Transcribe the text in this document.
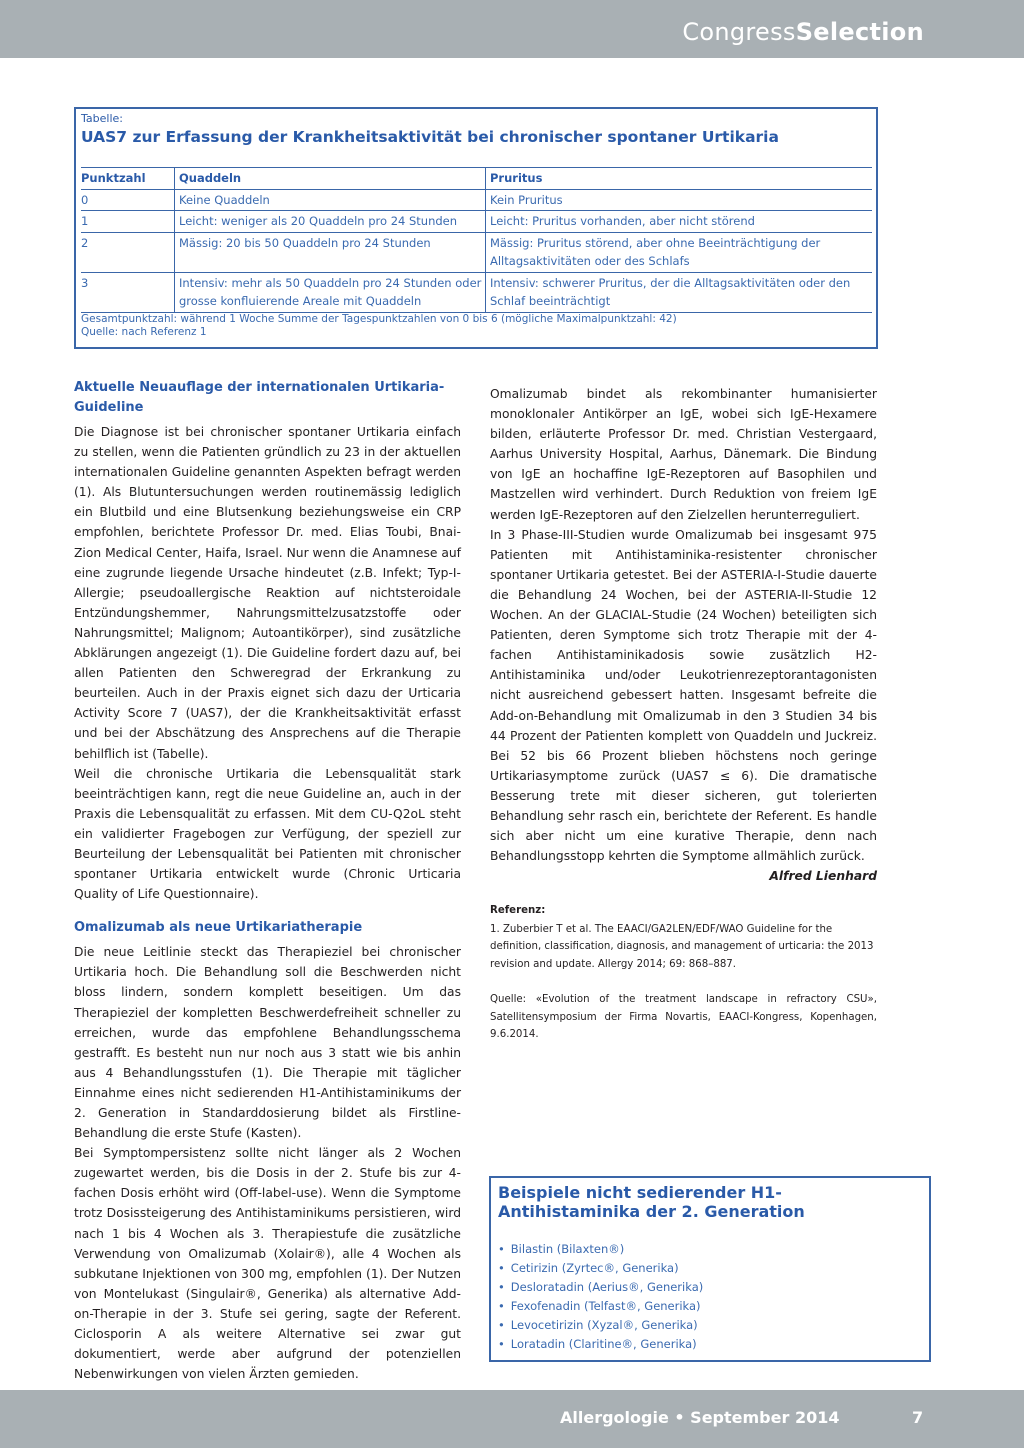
CongressSelection
Tabelle:
UAS7 zur Erfassung der Krankheitsaktivität bei chronischer spontaner Urtikaria
Punktzahl	Quaddeln	Pruritus
0	Keine Quaddeln	Kein Pruritus
1	Leicht: weniger als 20 Quaddeln pro 24 Stunden	Leicht: Pruritus vorhanden, aber nicht störend
2	Mässig: 20 bis 50 Quaddeln pro 24 Stunden	Mässig: Pruritus störend, aber ohne Beeinträchtigung der Alltagsaktivitäten oder des Schlafs
3	Intensiv: mehr als 50 Quaddeln pro 24 Stunden oder grosse konfluierende Areale mit Quaddeln	Intensiv: schwerer Pruritus, der die Alltagsaktivitäten oder den Schlaf beeinträchtigt
Gesamtpunktzahl: während 1 Woche Summe der Tagespunktzahlen von 0 bis 6 (mögliche Maximalpunktzahl: 42)
Quelle: nach Referenz 1
Aktuelle Neuauflage der internationalen Urtikaria-Guideline

Die Diagnose ist bei chronischer spontaner Urtikaria einfach zu stellen, wenn die Patienten gründlich zu 23 in der aktuellen internationalen Guideline genannten Aspekten befragt werden (1). Als Blutuntersuchungen werden routinemässig lediglich ein Blutbild und eine Blutsenkung beziehungsweise ein CRP empfohlen, berichtete Professor Dr. med. Elias Toubi, Bnai-Zion Medical Center, Haifa, Israel. Nur wenn die Anamnese auf eine zugrunde liegende Ursache hindeutet (z.B. Infekt; Typ-I-Allergie; pseudoallergische Reaktion auf nichtsteroidale Entzündungshemmer, Nahrungsmittelzusatzstoffe oder Nahrungsmittel; Malignom; Autoantikörper), sind zusätzliche Abklärungen angezeigt (1). Die Guideline fordert dazu auf, bei allen Patienten den Schweregrad der Erkrankung zu beurteilen. Auch in der Praxis eignet sich dazu der Urticaria Activity Score 7 (UAS7), der die Krankheitsaktivität erfasst und bei der Abschätzung des Ansprechens auf die Therapie behilflich ist (Tabelle).

Weil die chronische Urtikaria die Lebensqualität stark beeinträchtigen kann, regt die neue Guideline an, auch in der Praxis die Lebensqualität zu erfassen. Mit dem CU-Q2oL steht ein validierter Fragebogen zur Verfügung, der speziell zur Beurteilung der Lebensqualität bei Patienten mit chronischer spontaner Urtikaria entwickelt wurde (Chronic Urticaria Quality of Life Questionnaire).

Omalizumab als neue Urtikariatherapie

Die neue Leitlinie steckt das Therapieziel bei chronischer Urtikaria hoch. Die Behandlung soll die Beschwerden nicht bloss lindern, sondern komplett beseitigen. Um das Therapieziel der kompletten Beschwerdefreiheit schneller zu erreichen, wurde das empfohlene Behandlungsschema gestrafft. Es besteht nun nur noch aus 3 statt wie bis anhin aus 4 Behandlungsstufen (1). Die Therapie mit täglicher Einnahme eines nicht sedierenden H1-Antihistaminikums der 2. Generation in Standarddosierung bildet als Firstline-Behandlung die erste Stufe (Kasten).

Bei Symptompersistenz sollte nicht länger als 2 Wochen zugewartet werden, bis die Dosis in der 2. Stufe bis zur 4-fachen Dosis erhöht wird (Off-label-use). Wenn die Symptome trotz Dosissteigerung des Antihistaminikums persistieren, wird nach 1 bis 4 Wochen als 3. Therapiestufe die zusätzliche Verwendung von Omalizumab (Xolair®), alle 4 Wochen als subkutane Injektionen von 300 mg, empfohlen (1). Der Nutzen von Montelukast (Singulair®, Generika) als alternative Add-on-Therapie in der 3. Stufe sei gering, sagte der Referent. Ciclosporin A als weitere Alternative sei zwar gut dokumentiert, werde aber aufgrund der potenziellen Nebenwirkungen von vielen Ärzten gemieden.

Omalizumab bindet als rekombinanter humanisierter monoklonaler Antikörper an IgE, wobei sich IgE-Hexamere bilden, erläuterte Professor Dr. med. Christian Vestergaard, Aarhus University Hospital, Aarhus, Dänemark. Die Bindung von IgE an hochaffine IgE-Rezeptoren auf Basophilen und Mastzellen wird verhindert. Durch Reduktion von freiem IgE werden IgE-Rezeptoren auf den Zielzellen herunterreguliert.

In 3 Phase-III-Studien wurde Omalizumab bei insgesamt 975 Patienten mit Antihistaminika-resistenter chronischer spontaner Urtikaria getestet. Bei der ASTERIA-I-Studie dauerte die Behandlung 24 Wochen, bei der ASTERIA-II-Studie 12 Wochen. An der GLACIAL-Studie (24 Wochen) beteiligten sich Patienten, deren Symptome sich trotz Therapie mit der 4-fachen Antihistaminikadosis sowie zusätzlich H2-Antihistaminika und/oder Leukotrienrezeptorantagonisten nicht ausreichend gebessert hatten. Insgesamt befreite die Add-on-Behandlung mit Omalizumab in den 3 Studien 34 bis 44 Prozent der Patienten komplett von Quaddeln und Juckreiz. Bei 52 bis 66 Prozent blieben höchstens noch geringe Urtikariasymptome zurück (UAS7 ≤ 6). Die dramatische Besserung trete mit dieser sicheren, gut tolerierten Behandlung sehr rasch ein, berichtete der Referent. Es handle sich aber nicht um eine kurative Therapie, denn nach Behandlungsstopp kehrten die Symptome allmählich zurück.

Alfred Lienhard

Referenz:

1. Zuberbier T et al. The EAACI/GA2LEN/EDF/WAO Guideline for the definition, classification, diagnosis, and management of urticaria: the 2013 revision and update. Allergy 2014; 69: 868–887.

Quelle: «Evolution of the treatment landscape in refractory CSU», Satellitensymposium der Firma Novartis, EAACI-Kongress, Kopenhagen, 9.6.2014.

Beispiele nicht sedierender H1-Antihistaminika der 2. Generation
• Bilastin (Bilaxten®)
• Cetirizin (Zyrtec®, Generika)
• Desloratadin (Aerius®, Generika)
• Fexofenadin (Telfast®, Generika)
• Levocetirizin (Xyzal®, Generika)
• Loratadin (Claritine®, Generika)
Allergologie • September 2014	7
